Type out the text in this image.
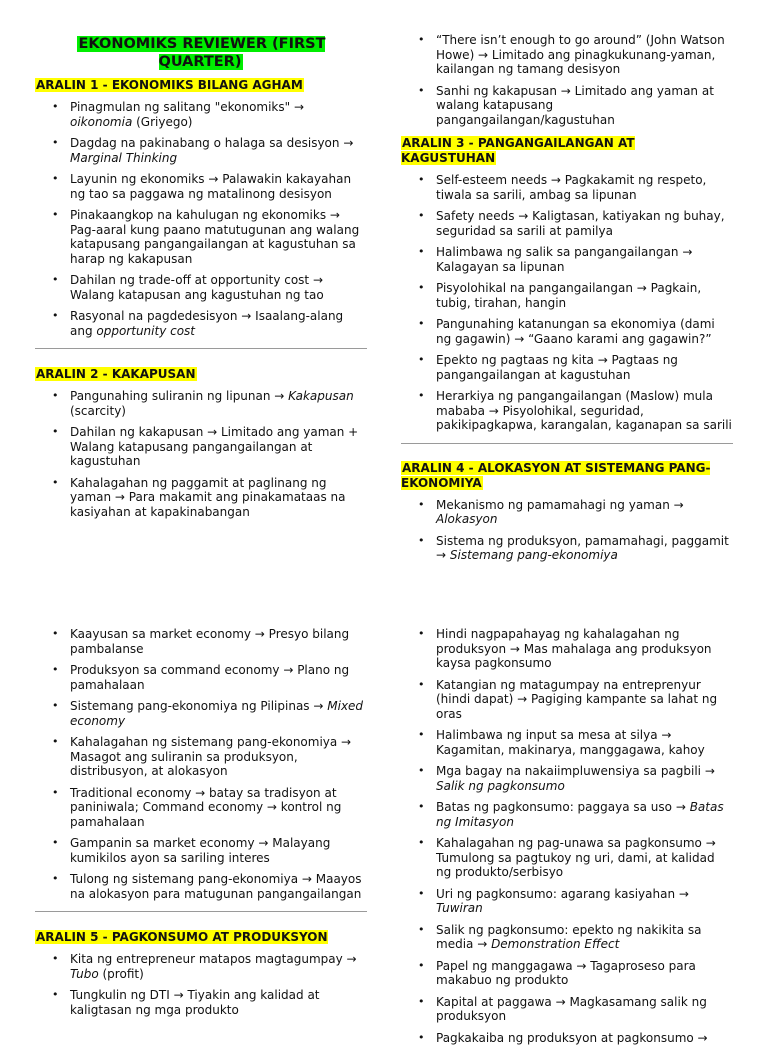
EKONOMIKS REVIEWER (FIRST QUARTER)
ARALIN 1 - EKONOMIKS BILANG AGHAM
• Pinagmulan ng salitang "ekonomiks" → oikonomia (Griyego)
• Dagdag na pakinabang o halaga sa desisyon → Marginal Thinking
• Layunin ng ekonomiks → Palawakin kakayahan ng tao sa paggawa ng matalinong desisyon
• Pinakaangkop na kahulugan ng ekonomiks → Pag-aaral kung paano matutugunan ang walang katapusang pangangailangan at kagustuhan sa harap ng kakapusan
• Dahilan ng trade-off at opportunity cost → Walang katapusan ang kagustuhan ng tao
• Rasyonal na pagdedesisyon → Isaalang-alang ang opportunity cost
ARALIN 2 - KAKAPUSAN
• Pangunahing suliranin ng lipunan → Kakapusan (scarcity)
• Dahilan ng kakapusan → Limitado ang yaman + Walang katapusang pangangailangan at kagustuhan
• Kahalagahan ng paggamit at paglinang ng yaman → Para makamit ang pinakamataas na kasiyahan at kapakinabangan
• “There isn’t enough to go around” (John Watson Howe) → Limitado ang pinagkukunang-yaman, kailangan ng tamang desisyon
• Sanhi ng kakapusan → Limitado ang yaman at walang katapusang pangangailangan/kagustuhan
ARALIN 3 - PANGANGAILANGAN AT KAGUSTUHAN
• Self-esteem needs → Pagkakamit ng respeto, tiwala sa sarili, ambag sa lipunan
• Safety needs → Kaligtasan, katiyakan ng buhay, seguridad sa sarili at pamilya
• Halimbawa ng salik sa pangangailangan → Kalagayan sa lipunan
• Pisyolohikal na pangangailangan → Pagkain, tubig, tirahan, hangin
• Pangunahing katanungan sa ekonomiya (dami ng gagawin) → “Gaano karami ang gagawin?”
• Epekto ng pagtaas ng kita → Pagtaas ng pangangailangan at kagustuhan
• Herarkiya ng pangangailangan (Maslow) mula mababa → Pisyolohikal, seguridad, pakikipagkapwa, karangalan, kaganapan sa sarili
ARALIN 4 - ALOKASYON AT SISTEMANG PANG-EKONOMIYA
• Mekanismo ng pamamahagi ng yaman → Alokasyon
• Sistema ng produksyon, pamamahagi, paggamit → Sistemang pang-ekonomiya
• Kaayusan sa market economy → Presyo bilang pambalanse
• Produksyon sa command economy → Plano ng pamahalaan
• Sistemang pang-ekonomiya ng Pilipinas → Mixed economy
• Kahalagahan ng sistemang pang-ekonomiya → Masagot ang suliranin sa produksyon, distribusyon, at alokasyon
• Traditional economy → batay sa tradisyon at paniniwala; Command economy → kontrol ng pamahalaan
• Gampanin sa market economy → Malayang kumikilos ayon sa sariling interes
• Tulong ng sistemang pang-ekonomiya → Maayos na alokasyon para matugunan pangangailangan
ARALIN 5 - PAGKONSUMO AT PRODUKSYON
• Kita ng entrepreneur matapos magtagumpay → Tubo (profit)
• Tungkulin ng DTI → Tiyakin ang kalidad at kaligtasan ng mga produkto
• Hindi nagpapahayag ng kahalagahan ng produksyon → Mas mahalaga ang produksyon kaysa pagkonsumo
• Katangian ng matagumpay na entreprenyur (hindi dapat) → Pagiging kampante sa lahat ng oras
• Halimbawa ng input sa mesa at silya → Kagamitan, makinarya, manggagawa, kahoy
• Mga bagay na nakaiimpluwensiya sa pagbili → Salik ng pagkonsumo
• Batas ng pagkonsumo: paggaya sa uso → Batas ng Imitasyon
• Kahalagahan ng pag-unawa sa pagkonsumo → Tumulong sa pagtukoy ng uri, dami, at kalidad ng produkto/serbisyo
• Uri ng pagkonsumo: agarang kasiyahan → Tuwiran
• Salik ng pagkonsumo: epekto ng nakikita sa media → Demonstration Effect
• Papel ng manggagawa → Tagaproseso para makabuo ng produkto
• Kapital at paggawa → Magkasamang salik ng produksyon
• Pagkakaiba ng produksyon at pagkonsumo →
